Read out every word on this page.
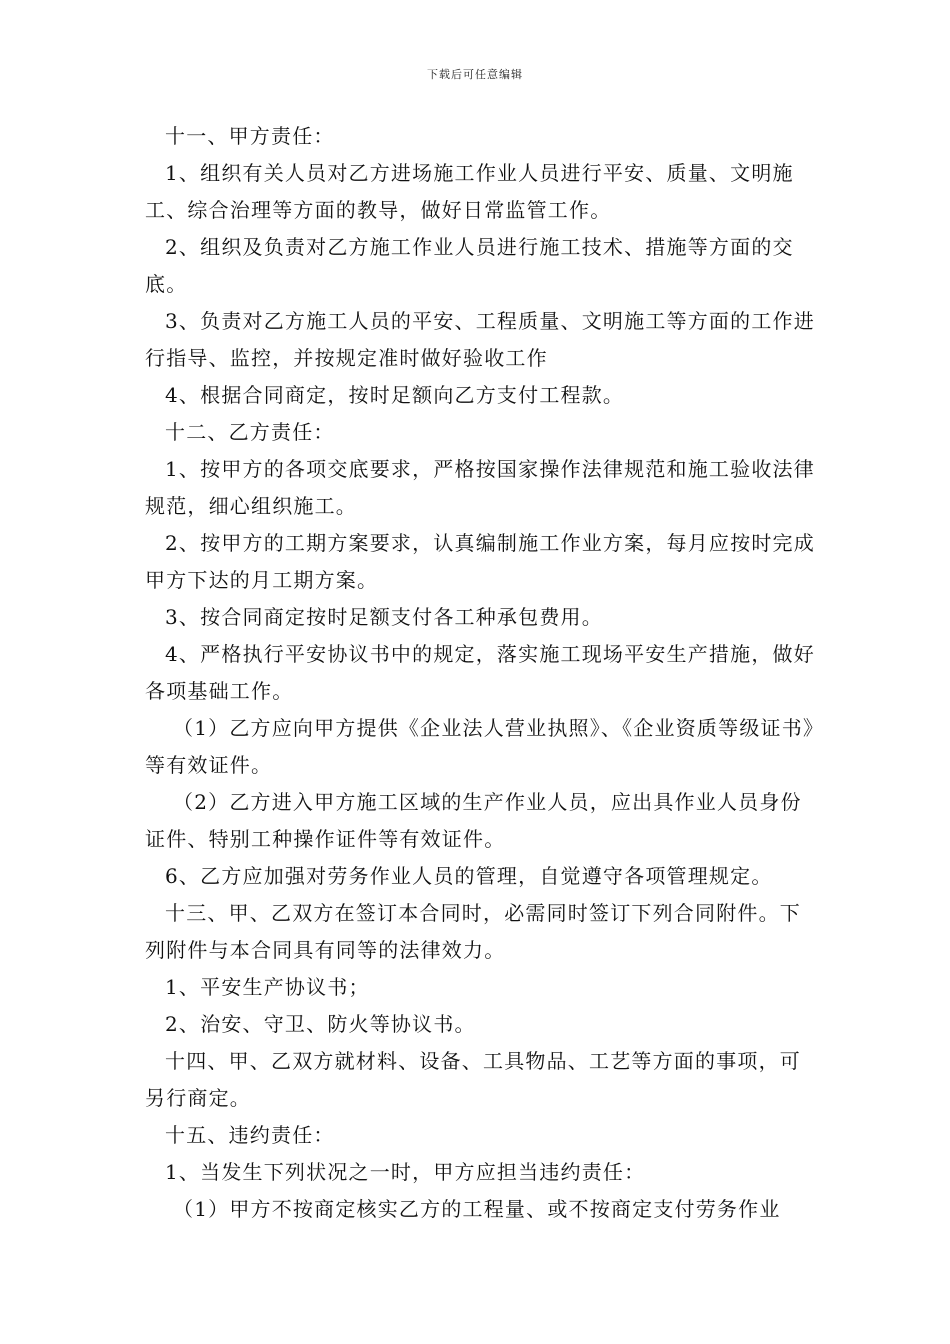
下载后可任意编辑

十一、甲方责任：

1、组织有关人员对乙方进场施工作业人员进行平安、质量、文明施工、综合治理等方面的教导，做好日常监管工作。

2、组织及负责对乙方施工作业人员进行施工技术、措施等方面的交底。

3、负责对乙方施工人员的平安、工程质量、文明施工等方面的工作进行指导、监控，并按规定准时做好验收工作

4、根据合同商定，按时足额向乙方支付工程款。

十二、乙方责任：

1、按甲方的各项交底要求，严格按国家操作法律规范和施工验收法律规范，细心组织施工。

2、按甲方的工期方案要求，认真编制施工作业方案，每月应按时完成甲方下达的月工期方案。

3、按合同商定按时足额支付各工种承包费用。

4、严格执行平安协议书中的规定，落实施工现场平安生产措施，做好各项基础工作。

（1）乙方应向甲方提供《企业法人营业执照》、《企业资质等级证书》等有效证件。

（2）乙方进入甲方施工区域的生产作业人员，应出具作业人员身份证件、特别工种操作证件等有效证件。

6、乙方应加强对劳务作业人员的管理，自觉遵守各项管理规定。

十三、甲、乙双方在签订本合同时，必需同时签订下列合同附件。下列附件与本合同具有同等的法律效力。

1、平安生产协议书；

2、治安、守卫、防火等协议书。

十四、甲、乙双方就材料、设备、工具物品、工艺等方面的事项，可另行商定。

十五、违约责任：

1、当发生下列状况之一时，甲方应担当违约责任：

（1）甲方不按商定核实乙方的工程量、或不按商定支付劳务作业
